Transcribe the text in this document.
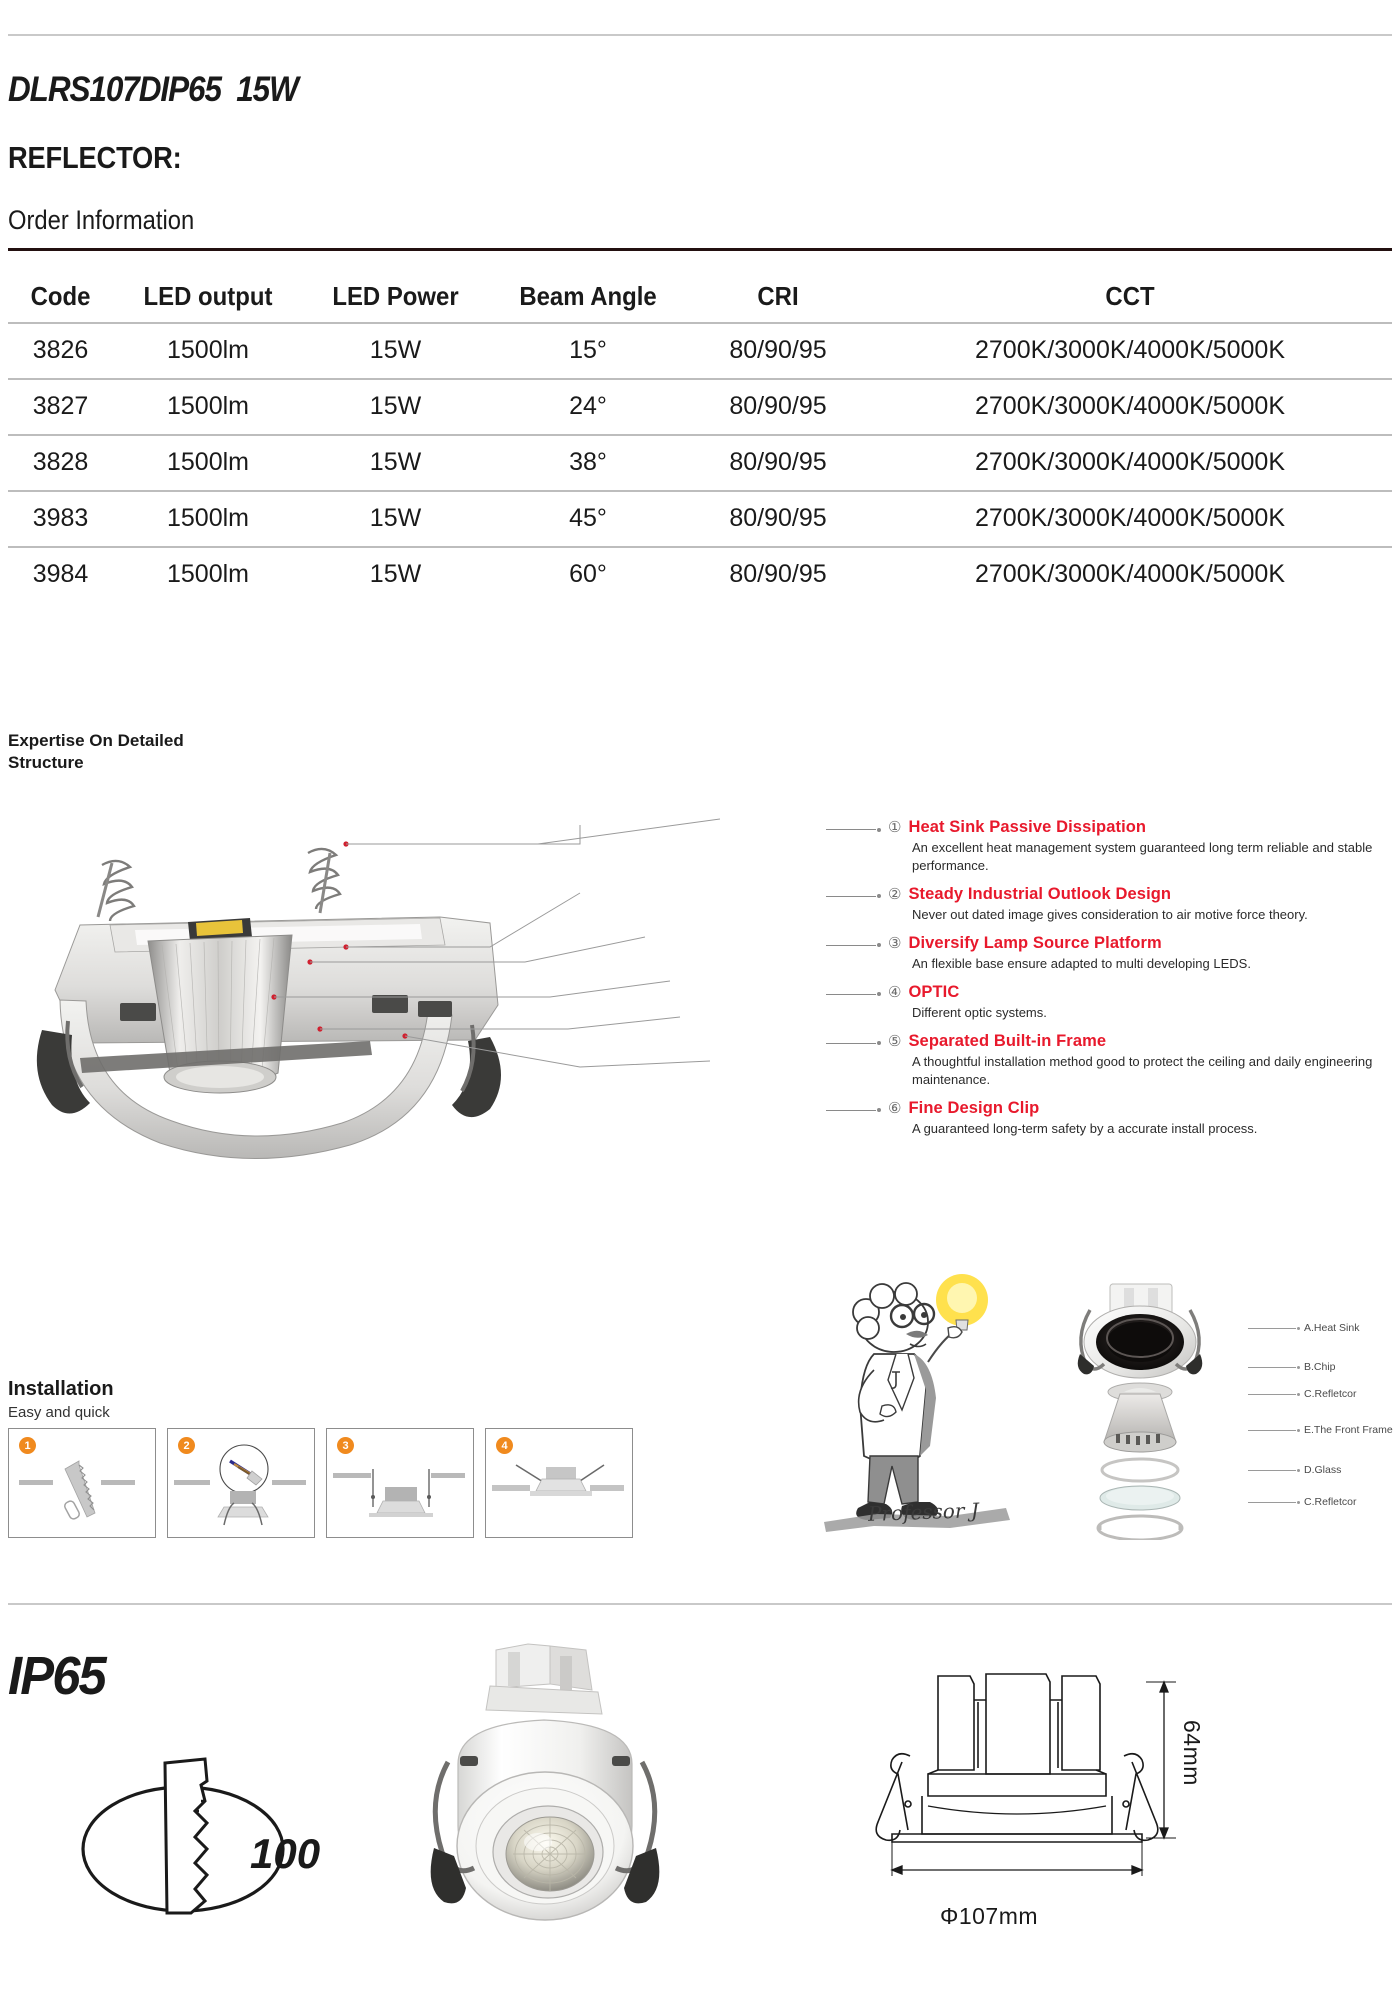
DLRS107DIP65  15W
REFLECTOR:
Order Information
Code	LED output	LED Power	Beam Angle	CRI	CCT
3826	1500lm	15W	15°	80/90/95	2700K/3000K/4000K/5000K
3827	1500lm	15W	24°	80/90/95	2700K/3000K/4000K/5000K
3828	1500lm	15W	38°	80/90/95	2700K/3000K/4000K/5000K
3983	1500lm	15W	45°	80/90/95	2700K/3000K/4000K/5000K
3984	1500lm	15W	60°	80/90/95	2700K/3000K/4000K/5000K
Expertise On Detailed Structure
① Heat Sink Passive Dissipation
An excellent heat management system guaranteed long term reliable and stable performance.
② Steady Industrial Outlook Design
Never out dated image gives consideration to air motive force theory.
③ Diversify Lamp Source Platform
An flexible base ensure adapted to multi developing LEDS.
④ OPTIC
Different optic systems.
⑤ Separated Built-in Frame
A thoughtful installation method good to protect the ceiling and daily engineering maintenance.
⑥ Fine Design Clip
A guaranteed long-term safety by a accurate install process.
Installation
Easy and quick
1	2	3	4
Professor J
A.Heat Sink
B.Chip
C.Refletcor
E.The Front Frame
D.Glass
C.Refletcor
IP65
100
Φ107mm
64mm
